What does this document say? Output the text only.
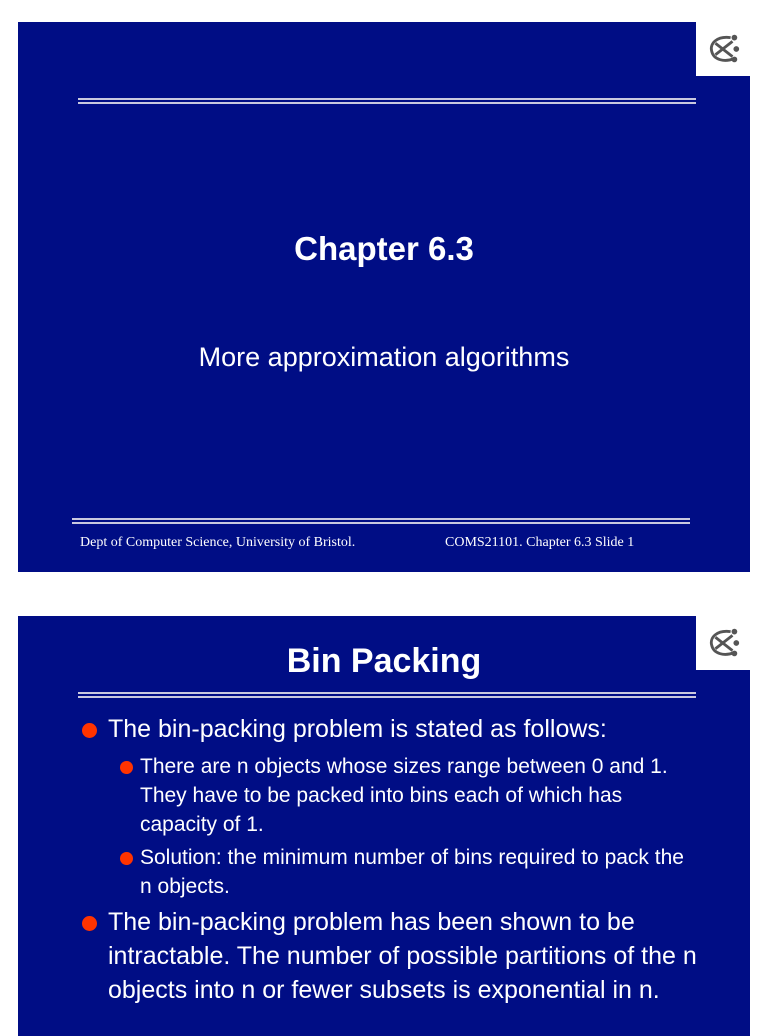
Chapter 6.3
More approximation algorithms
Dept of Computer Science, University of Bristol.	COMS21101. Chapter 6.3 Slide 1
Bin Packing
The bin-packing problem is stated as follows:
There are n objects whose sizes range between 0 and 1. They have to be packed into bins each of which has capacity of 1.
Solution: the minimum number of bins required to pack the n objects.
The bin-packing problem has been shown to be intractable. The number of possible partitions of the n objects into n or fewer subsets is exponential in n.
